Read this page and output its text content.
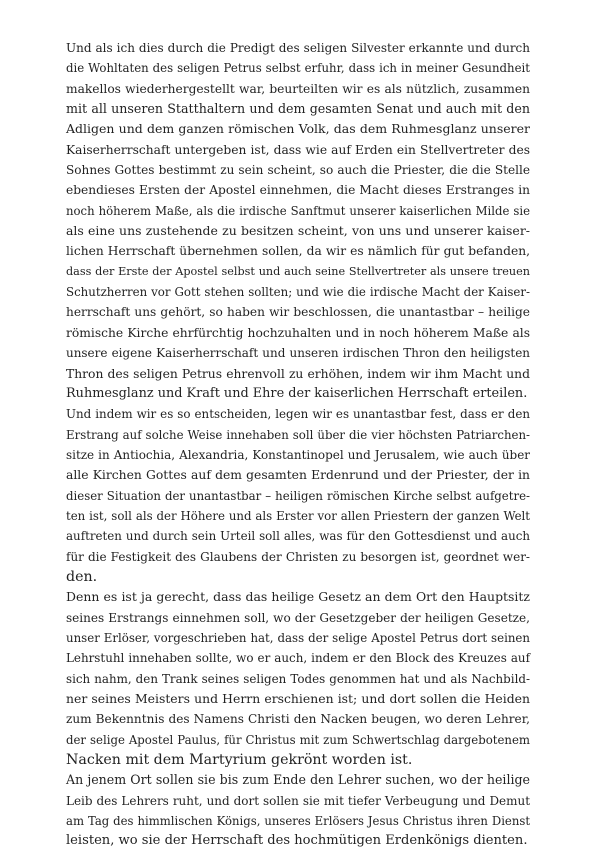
Und als ich dies durch die Predigt des seligen Silvester erkannte und durch
die Wohltaten des seligen Petrus selbst erfuhr, dass ich in meiner Gesundheit
makellos wiederhergestellt war, beurteilten wir es als nützlich, zusammen
mit all unseren Statthaltern und dem gesamten Senat und auch mit den
Adligen und dem ganzen römischen Volk, das dem Ruhmesglanz unserer
Kaiserherrschaft untergeben ist, dass wie auf Erden ein Stellvertreter des
Sohnes Gottes bestimmt zu sein scheint, so auch die Priester, die die Stelle
ebendieses Ersten der Apostel einnehmen, die Macht dieses Erstranges in
noch höherem Maße, als die irdische Sanftmut unserer kaiserlichen Milde sie
als eine uns zustehende zu besitzen scheint, von uns und unserer kaiser-
lichen Herrschaft übernehmen sollen, da wir es nämlich für gut befanden,
dass der Erste der Apostel selbst und auch seine Stellvertreter als unsere treuen
Schutzherren vor Gott stehen sollten; und wie die irdische Macht der Kaiser-
herrschaft uns gehört, so haben wir beschlossen, die unantastbar – heilige
römische Kirche ehrfürchtig hochzuhalten und in noch höherem Maße als
unsere eigene Kaiserherrschaft und unseren irdischen Thron den heiligsten
Thron des seligen Petrus ehrenvoll zu erhöhen, indem wir ihm Macht und
Ruhmesglanz und Kraft und Ehre der kaiserlichen Herrschaft erteilen.
Und indem wir es so entscheiden, legen wir es unantastbar fest, dass er den
Erstrang auf solche Weise innehaben soll über die vier höchsten Patriarchen-
sitze in Antiochia, Alexandria, Konstantinopel und Jerusalem, wie auch über
alle Kirchen Gottes auf dem gesamten Erdenrund und der Priester, der in
dieser Situation der unantastbar – heiligen römischen Kirche selbst aufgetre-
ten ist, soll als der Höhere und als Erster vor allen Priestern der ganzen Welt
auftreten und durch sein Urteil soll alles, was für den Gottesdienst und auch
für die Festigkeit des Glaubens der Christen zu besorgen ist, geordnet wer-
den.
Denn es ist ja gerecht, dass das heilige Gesetz an dem Ort den Hauptsitz
seines Erstrangs einnehmen soll, wo der Gesetzgeber der heiligen Gesetze,
unser Erlöser, vorgeschrieben hat, dass der selige Apostel Petrus dort seinen
Lehrstuhl innehaben sollte, wo er auch, indem er den Block des Kreuzes auf
sich nahm, den Trank seines seligen Todes genommen hat und als Nachbild-
ner seines Meisters und Herrn erschienen ist; und dort sollen die Heiden
zum Bekenntnis des Namens Christi den Nacken beugen, wo deren Lehrer,
der selige Apostel Paulus, für Christus mit zum Schwertschlag dargebotenem
Nacken mit dem Martyrium gekrönt worden ist.
An jenem Ort sollen sie bis zum Ende den Lehrer suchen, wo der heilige
Leib des Lehrers ruht, und dort sollen sie mit tiefer Verbeugung und Demut
am Tag des himmlischen Königs, unseres Erlösers Jesus Christus ihren Dienst
leisten, wo sie der Herrschaft des hochmütigen Erdenkönigs dienten.
